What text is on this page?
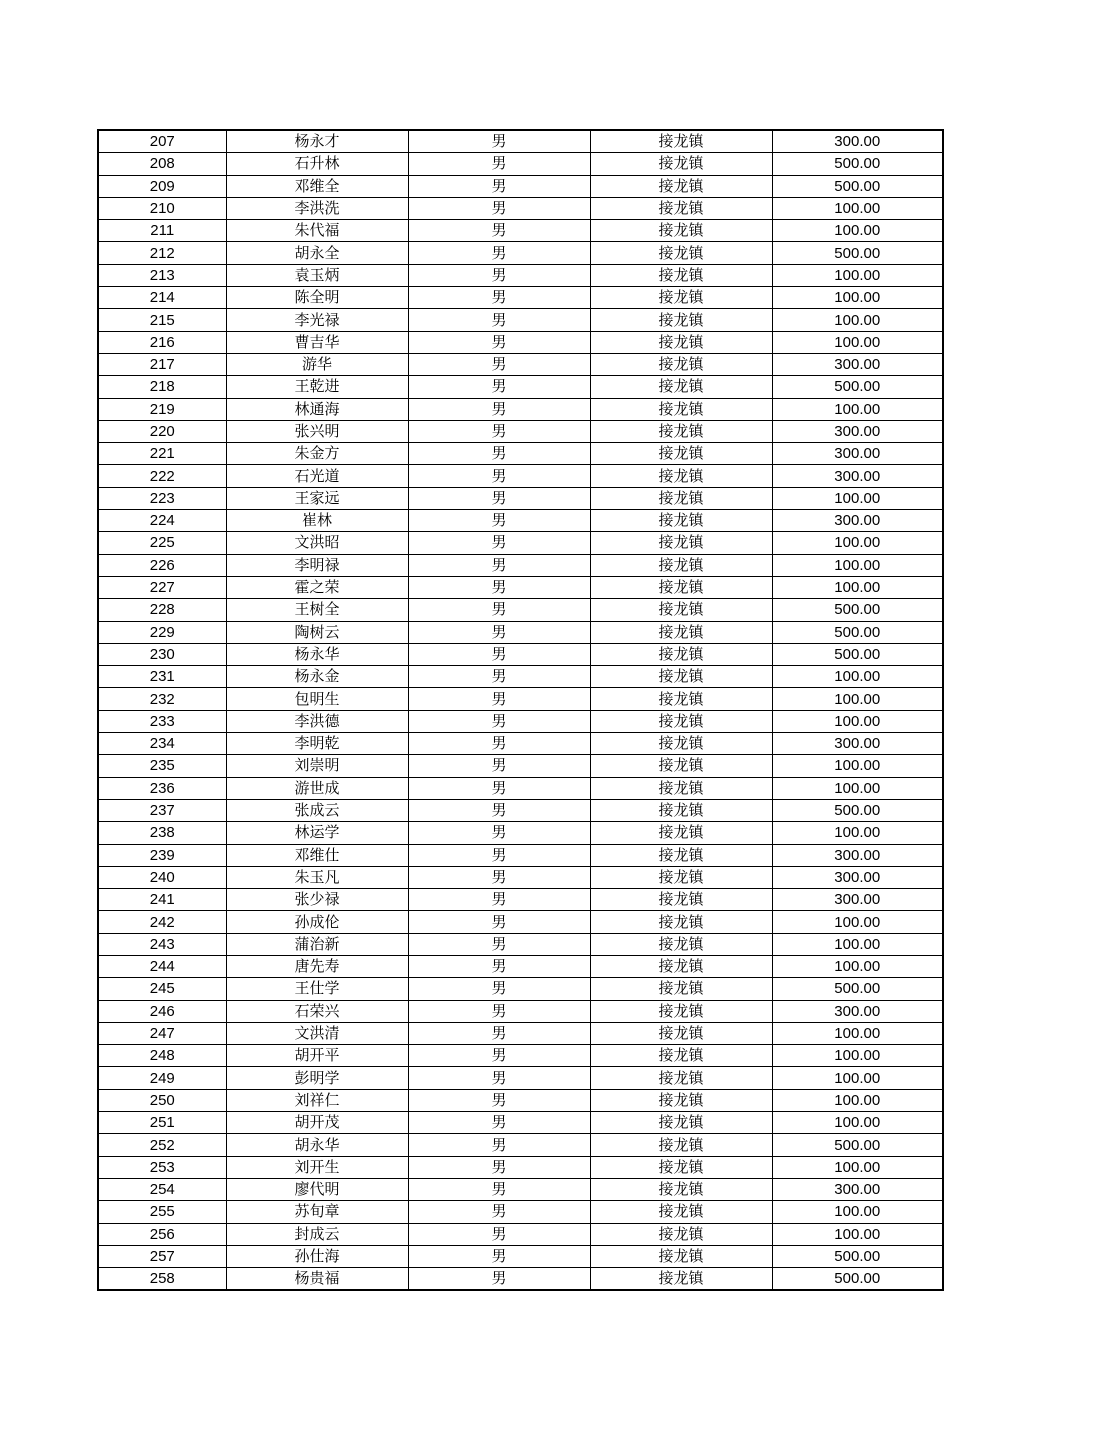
207	杨永才	男	接龙镇	300.00
208	石升林	男	接龙镇	500.00
209	邓维全	男	接龙镇	500.00
210	李洪洗	男	接龙镇	100.00
211	朱代福	男	接龙镇	100.00
212	胡永全	男	接龙镇	500.00
213	袁玉炳	男	接龙镇	100.00
214	陈全明	男	接龙镇	100.00
215	李光禄	男	接龙镇	100.00
216	曹吉华	男	接龙镇	100.00
217	游华	男	接龙镇	300.00
218	王乾进	男	接龙镇	500.00
219	林通海	男	接龙镇	100.00
220	张兴明	男	接龙镇	300.00
221	朱金方	男	接龙镇	300.00
222	石光道	男	接龙镇	300.00
223	王家远	男	接龙镇	100.00
224	崔林	男	接龙镇	300.00
225	文洪昭	男	接龙镇	100.00
226	李明禄	男	接龙镇	100.00
227	霍之荣	男	接龙镇	100.00
228	王树全	男	接龙镇	500.00
229	陶树云	男	接龙镇	500.00
230	杨永华	男	接龙镇	500.00
231	杨永金	男	接龙镇	100.00
232	包明生	男	接龙镇	100.00
233	李洪德	男	接龙镇	100.00
234	李明乾	男	接龙镇	300.00
235	刘崇明	男	接龙镇	100.00
236	游世成	男	接龙镇	100.00
237	张成云	男	接龙镇	500.00
238	林运学	男	接龙镇	100.00
239	邓维仕	男	接龙镇	300.00
240	朱玉凡	男	接龙镇	300.00
241	张少禄	男	接龙镇	300.00
242	孙成伦	男	接龙镇	100.00
243	蒲治新	男	接龙镇	100.00
244	唐先寿	男	接龙镇	100.00
245	王仕学	男	接龙镇	500.00
246	石荣兴	男	接龙镇	300.00
247	文洪清	男	接龙镇	100.00
248	胡开平	男	接龙镇	100.00
249	彭明学	男	接龙镇	100.00
250	刘祥仁	男	接龙镇	100.00
251	胡开茂	男	接龙镇	100.00
252	胡永华	男	接龙镇	500.00
253	刘开生	男	接龙镇	100.00
254	廖代明	男	接龙镇	300.00
255	苏旬章	男	接龙镇	100.00
256	封成云	男	接龙镇	100.00
257	孙仕海	男	接龙镇	500.00
258	杨贵福	男	接龙镇	500.00
